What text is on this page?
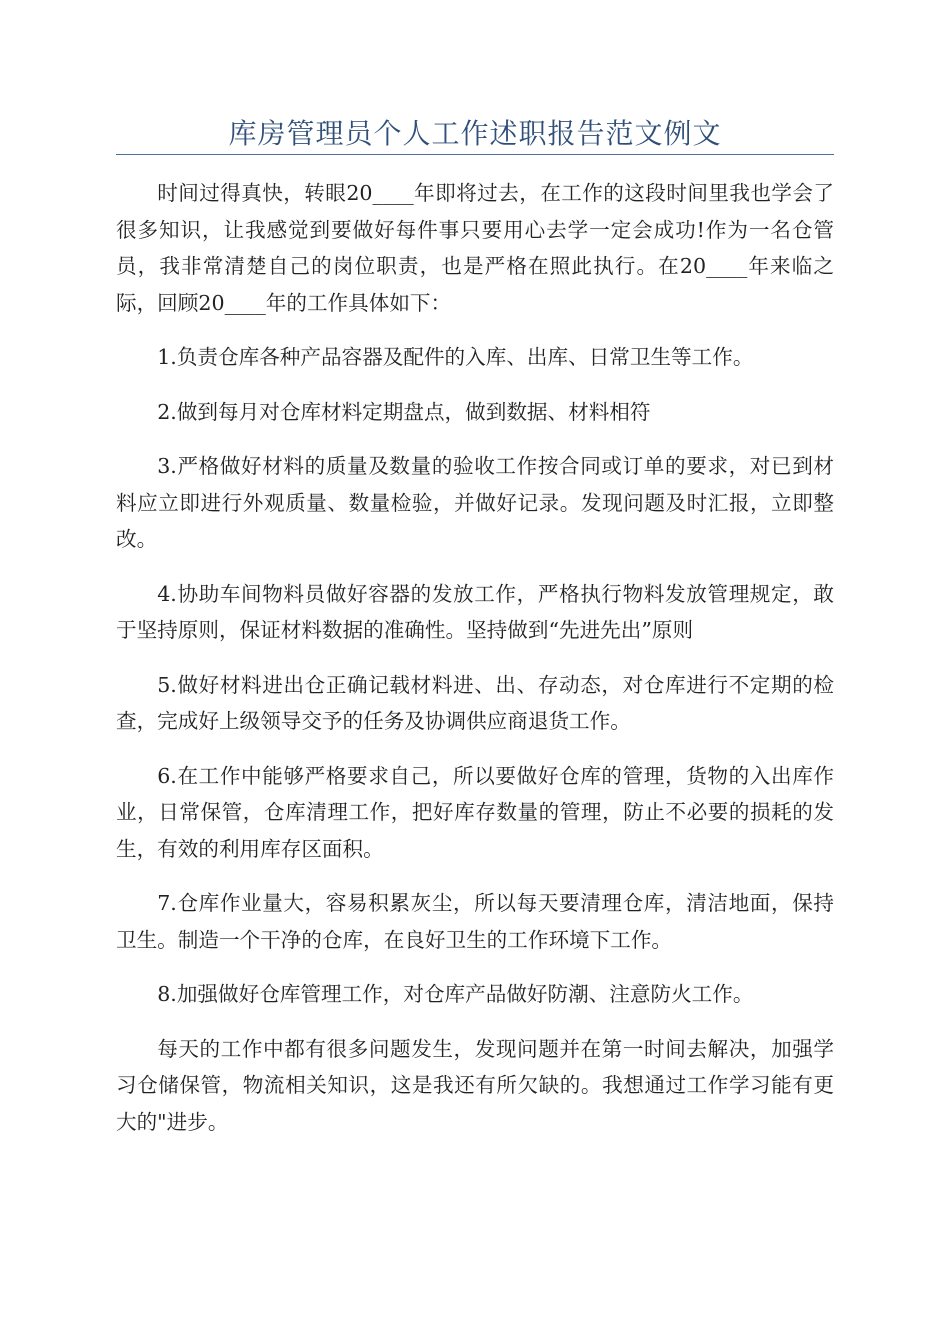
库房管理员个人工作述职报告范文例文

时间过得真快，转眼20____年即将过去，在工作的这段时间里我也学会了很多知识，让我感觉到要做好每件事只要用心去学一定会成功!作为一名仓管员，我非常清楚自己的岗位职责，也是严格在照此执行。在20____年来临之际，回顾20____年的工作具体如下：

1.负责仓库各种产品容器及配件的入库、出库、日常卫生等工作。

2.做到每月对仓库材料定期盘点，做到数据、材料相符

3.严格做好材料的质量及数量的验收工作按合同或订单的要求，对已到材料应立即进行外观质量、数量检验，并做好记录。发现问题及时汇报，立即整改。

4.协助车间物料员做好容器的发放工作，严格执行物料发放管理规定，敢于坚持原则，保证材料数据的准确性。坚持做到“先进先出”原则

5.做好材料进出仓正确记载材料进、出、存动态，对仓库进行不定期的检查，完成好上级领导交予的任务及协调供应商退货工作。

6.在工作中能够严格要求自己，所以要做好仓库的管理，货物的入出库作业，日常保管，仓库清理工作，把好库存数量的管理，防止不必要的损耗的发生，有效的利用库存区面积。

7.仓库作业量大，容易积累灰尘，所以每天要清理仓库，清洁地面，保持卫生。制造一个干净的仓库，在良好卫生的工作环境下工作。

8.加强做好仓库管理工作，对仓库产品做好防潮、注意防火工作。

每天的工作中都有很多问题发生，发现问题并在第一时间去解决，加强学习仓储保管，物流相关知识，这是我还有所欠缺的。我想通过工作学习能有更大的"进步。
